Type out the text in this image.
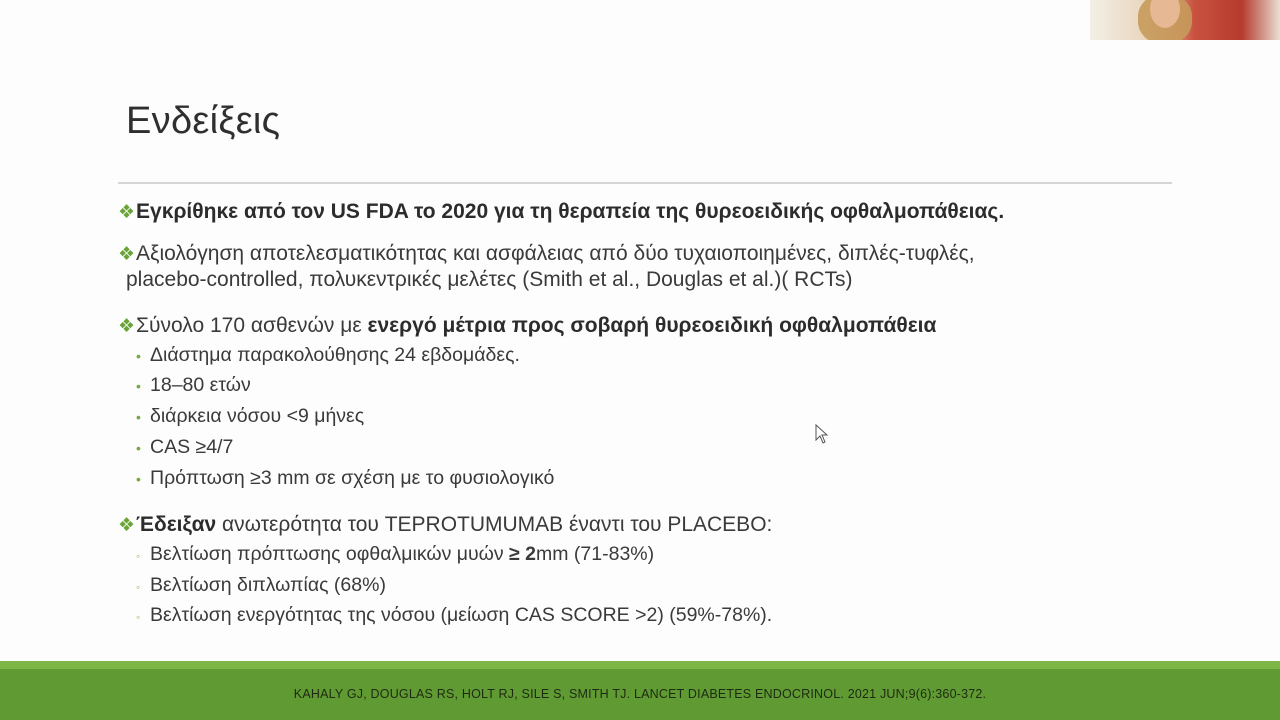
Ενδείξεις
❖Εγκρίθηκε από τον US FDA το 2020 για τη θεραπεία της θυρεοειδικής οφθαλμοπάθειας.
❖Αξιολόγηση αποτελεσματικότητας και ασφάλειας από δύο τυχαιοποιημένες, διπλές-τυφλές,
placebo-controlled, πολυκεντρικές μελέτες (Smith et al., Douglas et al.)( RCTs)
❖Σύνολο 170 ασθενών με ενεργό μέτρια προς σοβαρή θυρεοειδική οφθαλμοπάθεια
• Διάστημα παρακολούθησης 24 εβδομάδες.
• 18–80 ετών
• διάρκεια νόσου <9 μήνες
• CAS ≥4/7
• Πρόπτωση ≥3 mm σε σχέση με το φυσιολογικό
❖Έδειξαν ανωτερότητα του TEPROTUMUMAB έναντι του PLACEBO:
◦ Βελτίωση πρόπτωσης οφθαλμικών μυών ≥ 2mm (71-83%)
◦ Βελτίωση διπλωπίας (68%)
◦ Βελτίωση ενεργότητας της νόσου (μείωση CAS SCORE >2) (59%-78%).
KAHALY GJ, DOUGLAS RS, HOLT RJ, SILE S, SMITH TJ. LANCET DIABETES ENDOCRINOL. 2021 JUN;9(6):360-372.
